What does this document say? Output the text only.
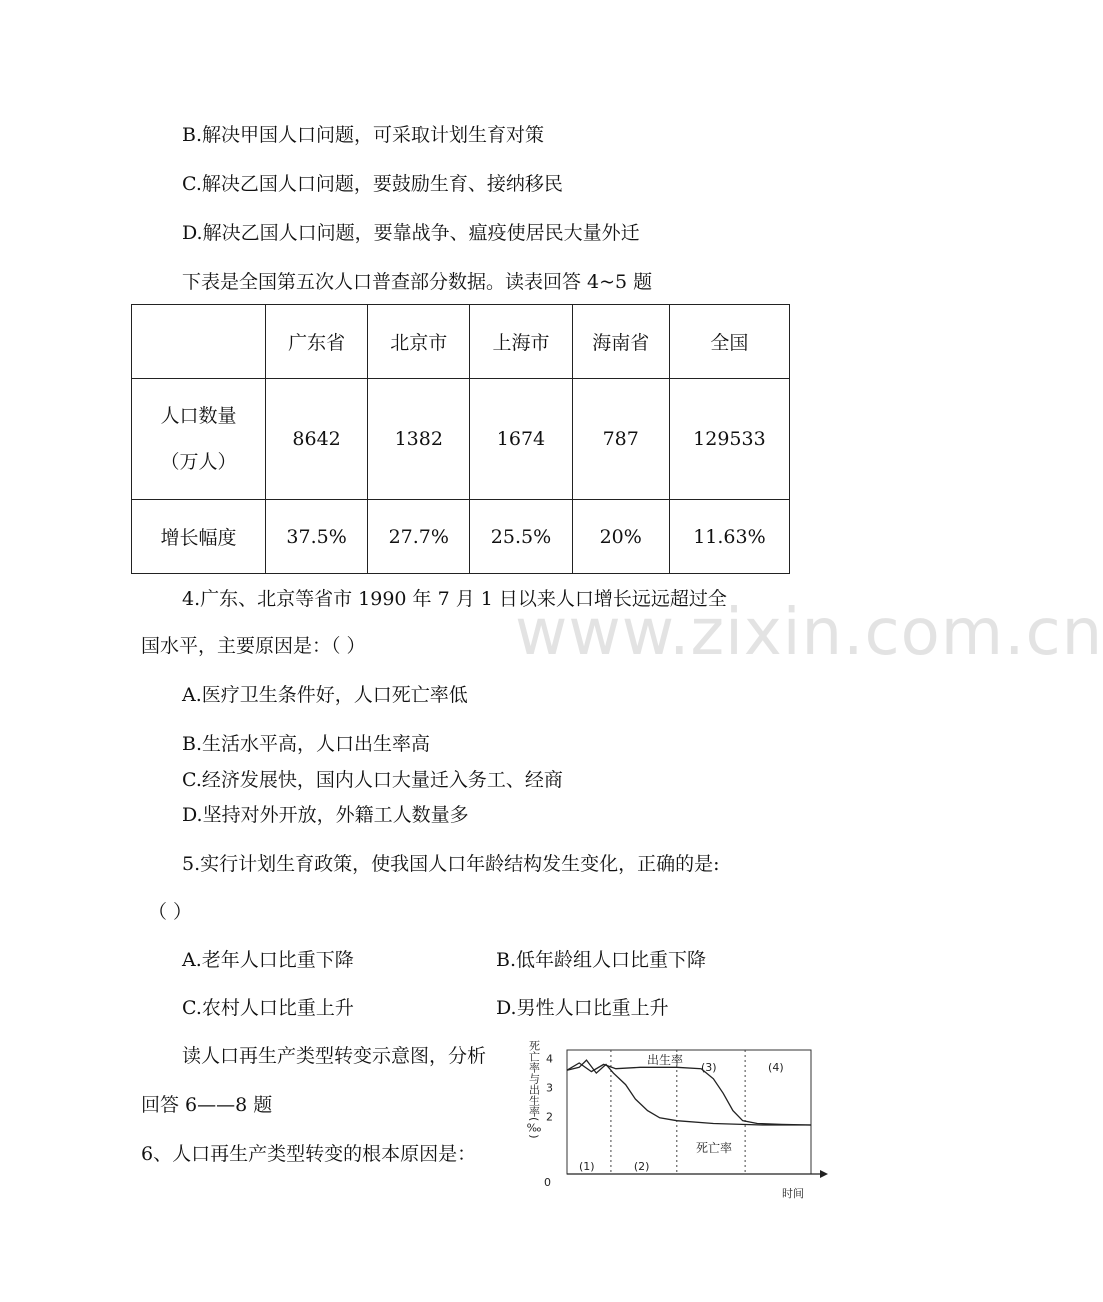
www.zixin.com.cn
B.解决甲国人口问题，可采取计划生育对策
C.解决乙国人口问题，要鼓励生育、接纳移民
D.解决乙国人口问题，要靠战争、瘟疫使居民大量外迁
下表是全国第五次人口普查部分数据。读表回答 4~5 题
	广东省	北京市	上海市	海南省	全国

人口数量
（万人）	8642	1382	1674	787	129533
增长幅度	37.5%	27.7%	25.5%	20%	11.63%
4.广东、北京等省市 1990 年 7 月 1 日以来人口增长远远超过全
国水平，主要原因是：（ ）
A.医疗卫生条件好，人口死亡率低
B.生活水平高，人口出生率高
C.经济发展快，国内人口大量迁入务工、经商
D.坚持对外开放，外籍工人数量多
5.实行计划生育政策，使我国人口年龄结构发生变化，正确的是:
（ ）
A.老年人口比重下降	B.低年龄组人口比重下降
C.农村人口比重上升	D.男性人口比重上升
读人口再生产类型转变示意图，分析
回答 6——8 题
6、人口再生产类型转变的根本原因是：
(1)	(2)
(3)	(4)
4
3
2
出生率
死亡率
0
时间
死亡率与出生率(‰)
